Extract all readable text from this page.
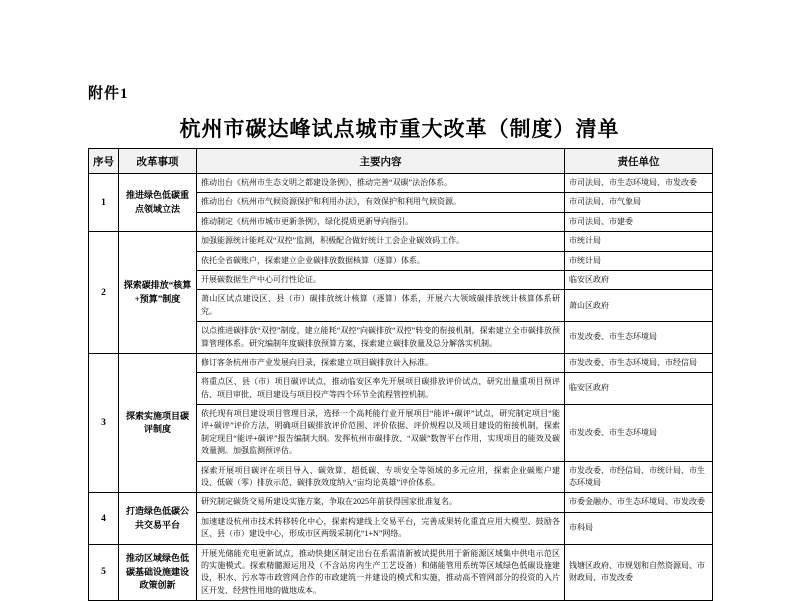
附件1
杭州市碳达峰试点城市重大改革（制度）清单
序号	改革事项	主要内容	责任单位
1	推进绿色低碳重点领域立法	推动出台《杭州市生态文明之都建设条例》，推动完善“双碳”法治体系。	市司法局、市生态环境局、市发改委
		推动出台《杭州市气候资源保护和利用办法》，有效保护和利用气候资源。	市司法局、市气象局
		推动制定《杭州市城市更新条例》，绿化提质更新导向指引。	市司法局、市建委
2	探索碳排放“核算+预算”制度	加强能源统计能耗双“双控”监测，积极配合做好统计工会企业碳效码工作。	市统计局
		依托全省碳账户，探索建立企业碳排放数据核算（逐算）体系。	市统计局
		开展碳数据生产中心可行性论证。	临安区政府
		萧山区试点建设区、县（市）碳排放统计核算（逐算）体系，开展六大领域碳排放统计核算体系研究。	萧山区政府
		以点推进碳排放“双控”制度，建立能耗“双控”向碳排放“双控”转变的衔接机制，探索建立全市碳排放预算管理体系。研究编制年度碳排放预算方案，探索建立碳排放量及总分解落实机制。	市发改委、市生态环境局
3	探索实施项目碳评制度	修订客条杭州市产业发展向目录，探索建立项目碳排放计入标准。	市发改委、市生态环境局、市经信局
		将重点区、县（市）项目碳评试点，推动临安区率先开展项目碳排放评价试点，研究出量重项目预评估、项目审批、项目建设与项目投产等四个环节全流程管控机制。	临安区政府
		依托现有项目建设项目管理目录，选择一个高耗能行业开展项目“能评+碳评”试点，研究制定项目“能评+碳评”评价方法，明确项目碳排放评价范围、评价依据、评价规程以及项目建设的衔接机制，探索制定现目“能评+碳评”报告编制大纲。发挥杭州市碳排放、“双碳”数智平台作用，实现项目的能效及碳效量测。加强监测预评估。	市发改委、市生态环境局
		探索开展项目碳评在项目导入、碳效算、超低碳、专项安全等领域的多元应用，探索企业碳账户建设、低碳（零）排放示范、碳排放效度纳入“亩均论英雄”评价体系。	市发改委、市经信局、市统计局、市生态环境局
4	打造绿色低碳公共交易平台	研究制定碳货交易所建设实施方案，争取在2025年前获得国家批准复名。	市委金融办、市生态环境局、市发改委
		加速建设杭州市技术转移转化中心，探索构建线上交易平台，完善成果转化重直应用大模型、鼓励各区、县（市）建设中心，形成市区两级采制化“1+N”网络。	市科局
5	推动区域绿色低碳基础设施建设政策创新	开展光储能充电更新试点，推动快捷区制定出台在系需清新被试提供用于新能源区域集中供电示范区的实施模式。探索精髓源运用及（不含站房内生产工艺设备）和储能管用系统等区域绿色低碳设施建设，积水、污水等市政管网合作的市政建筑一并建设的模式和实施，推动高不管网部分的投资的入片区开发、经营性用地的做地成本。	钱塘区政府、市规划和自然资源局、市财政局、市发改委
